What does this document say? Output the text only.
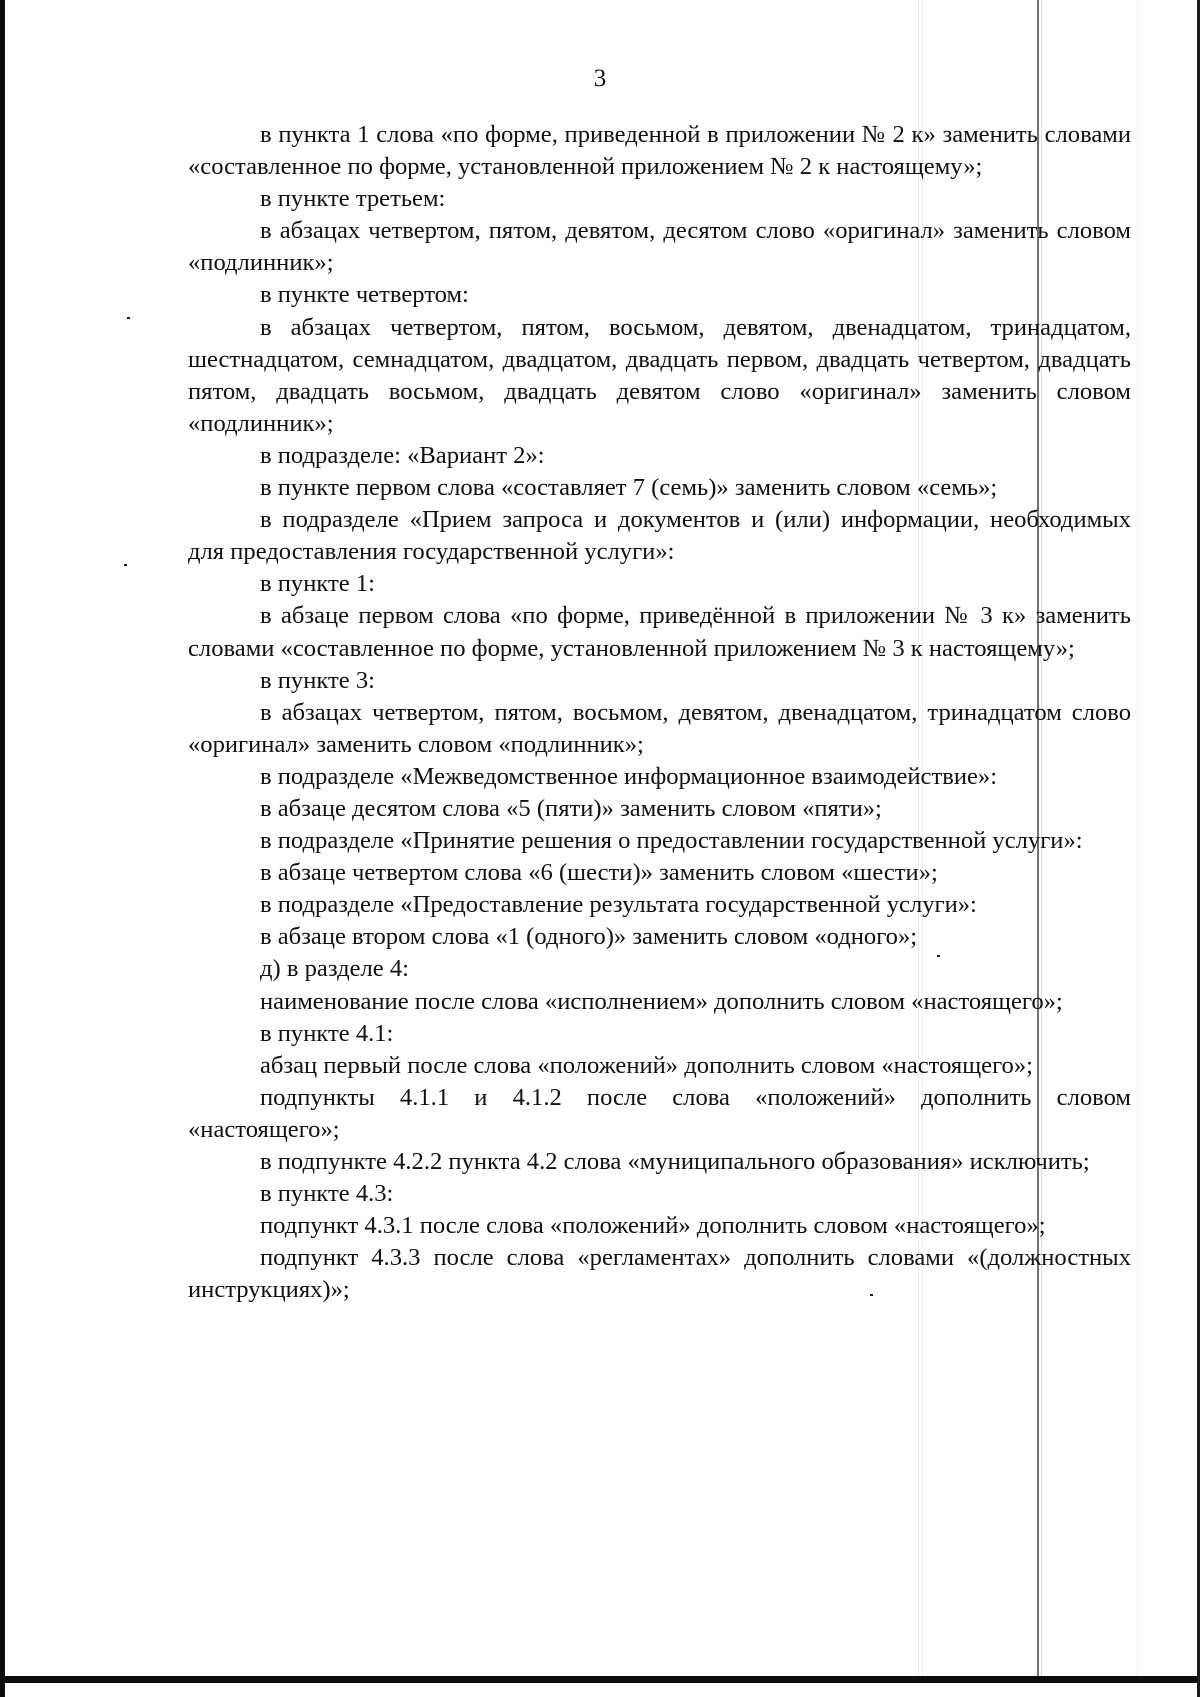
3

в пункта 1 слова «по форме, приведенной в приложении № 2 к» заменить словами «составленное по форме, установленной приложением № 2 к настоящему»;

в пункте третьем:

в абзацах четвертом, пятом, девятом, десятом слово «оригинал» заменить словом «подлинник»;

в пункте четвертом:

в абзацах четвертом, пятом, восьмом, девятом, двенадцатом, тринадцатом, шестнадцатом, семнадцатом, двадцатом, двадцать первом, двадцать четвертом, двадцать пятом, двадцать восьмом, двадцать девятом слово «оригинал» заменить словом «подлинник»;

в подразделе: «Вариант 2»:

в пункте первом слова «составляет 7 (семь)» заменить словом «семь»;

в подразделе «Прием запроса и документов и (или) информации, необходимых для предоставления государственной услуги»:

в пункте 1:

в абзаце первом слова «по форме, приведённой в приложении № 3 к» заменить словами «составленное по форме, установленной приложением № 3 к настоящему»;

в пункте 3:

в абзацах четвертом, пятом, восьмом, девятом, двенадцатом, тринадцатом слово «оригинал» заменить словом «подлинник»;

в подразделе «Межведомственное информационное взаимодействие»:

в абзаце десятом слова «5 (пяти)» заменить словом «пяти»;

в подразделе «Принятие решения о предоставлении государственной услуги»:

в абзаце четвертом слова «6 (шести)» заменить словом «шести»;

в подразделе «Предоставление результата государственной услуги»:

в абзаце втором слова «1 (одного)» заменить словом «одного»;

д) в разделе 4:

наименование после слова «исполнением» дополнить словом «настоящего»;

в пункте 4.1:

абзац первый после слова «положений» дополнить словом «настоящего»;

подпункты 4.1.1 и 4.1.2 после слова «положений» дополнить словом «настоящего»;

в подпункте 4.2.2 пункта 4.2 слова «муниципального образования» исключить;

в пункте 4.3:

подпункт 4.3.1 после слова «положений» дополнить словом «настоящего»;

подпункт 4.3.3 после слова «регламентах» дополнить словами «(должностных инструкциях)»;
